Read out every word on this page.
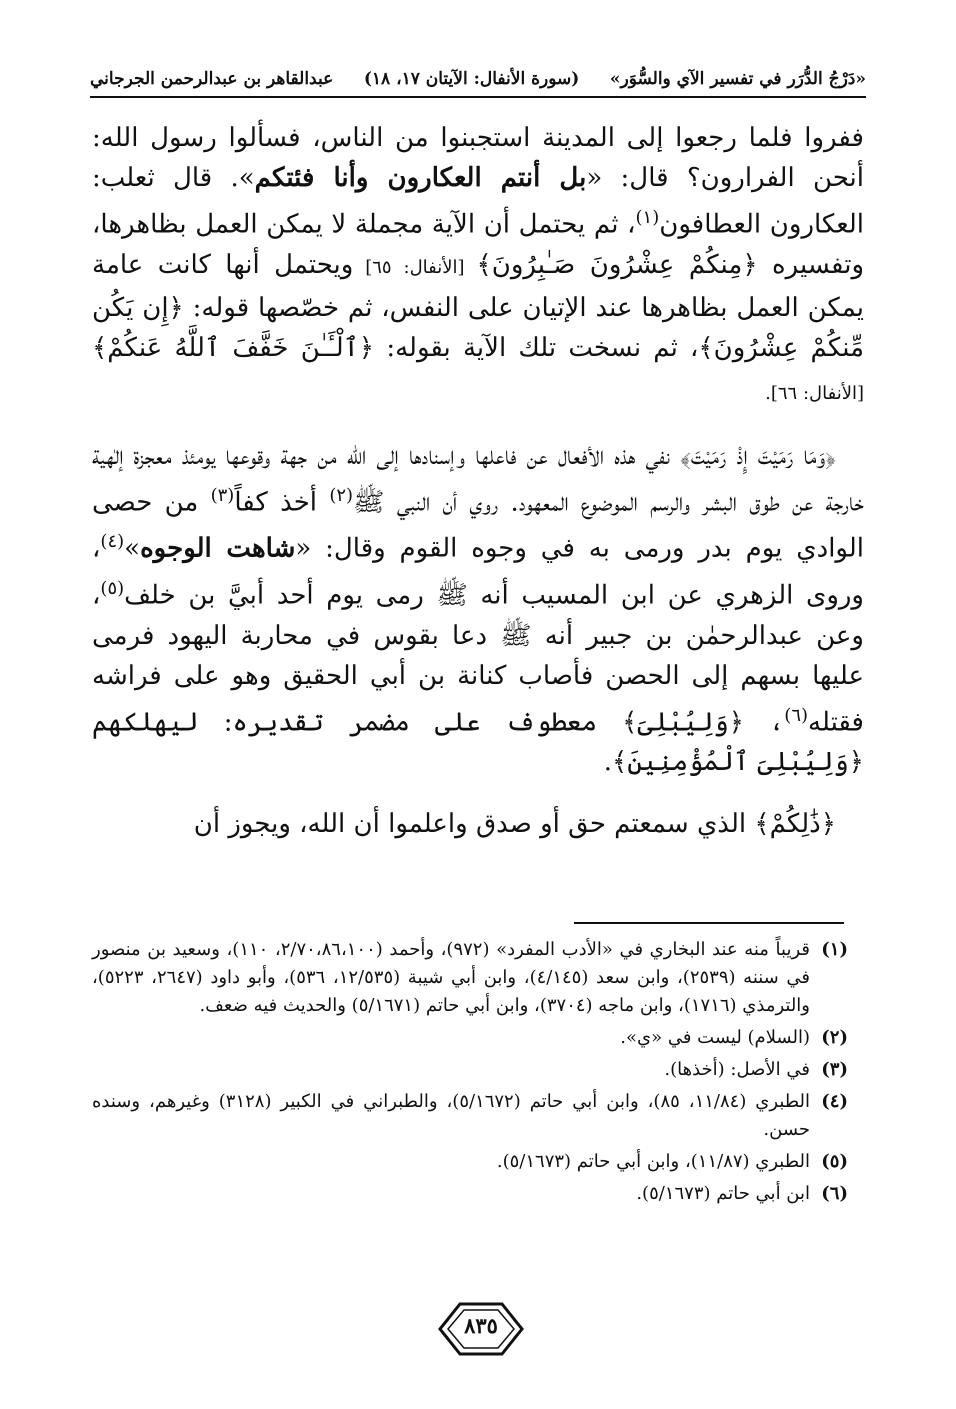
«دَرْجُ الدُّرَر في تفسير الآي والسُّوَر»
(سورة الأنفال: الآيتان ١٧، ١٨)
عبدالقاهر بن عبدالرحمن الجرجاني

ففروا فلما رجعوا إلى المدينة استجبنوا من الناس، فسألوا رسول الله: أنحن الفرارون؟ قال: «بل أنتم العكارون وأنا فئتكم». قال ثعلب: العكارون العطافون$^{(١)}$، ثم يحتمل أن الآية مجملة لا يمكن العمل بظاهرها، وتفسيره ﴿مِنكُمْ عِشْرُونَ صَـٰبِرُونَ﴾ [الأنفال: ٦٥] ويحتمل أنها كانت عامة يمكن العمل بظاهرها عند الإتيان على النفس، ثم خصّصها قوله: ﴿إِن يَكُن مِّنكُمْ عِشْرُونَ﴾، ثم نسخت تلك الآية بقوله: ﴿ٱلْـَٔـٰنَ خَفَّفَ ٱللَّهُ عَنكُمْ﴾ [الأنفال: ٦٦].

﴿وَمَا رَمَيْتَ إِذْ رَمَيْتَ﴾ نفي هذه الأفعال عن فاعلها وإسنادها إلى الله من جهة وقوعها يومئذ معجزة إلٰهية خارجة عن طوق البشر والرسم الموضوع المعهود. روي أن النبي ﷺ$^{(٢)}$ أخذ كفاً$^{(٣)}$ من حصى الوادي يوم بدر ورمى به في وجوه القوم وقال: «شاهت الوجوه»$^{(٤)}$، وروى الزهري عن ابن المسيب أنه ﷺ رمى يوم أحد أبيَّ بن خلف$^{(٥)}$، وعن عبدالرحمٰن بن جبير أنه ﷺ دعا بقوس في محاربة اليهود فرمى عليها بسهم إلى الحصن فأصاب كنانة بن أبي الحقيق وهو على فراشه فقتله$^{(٦)}$، ﴿وَلِيُبْلِىَ﴾ معطوف على مضمر تقديره: ليهلكهم ﴿وَلِيُبْلِىَ ٱلْمُؤْمِنِينَ﴾.

﴿ذَٰلِكُمْ﴾ الذي سمعتم حق أو صدق واعلموا أن الله، ويجوز أن

(١)
قريباً منه عند البخاري في «الأدب المفرد» (٩٧٢)، وأحمد (٢/٧٠،٨٦،١٠٠، ١١٠)، وسعيد بن منصور في سننه (٢٥٣٩)، وابن سعد (٤/١٤٥)، وابن أبي شيبة (١٢/٥٣٥، ٥٣٦)، وأبو داود (٢٦٤٧، ٥٢٢٣)، والترمذي (١٧١٦)، وابن ماجه (٣٧٠٤)، وابن أبي حاتم (٥/١٦٧١) والحديث فيه ضعف.
(٢)
(السلام) ليست في «ي».
(٣)
في الأصل: (أخذها).
(٤)
الطبري (١١/٨٤، ٨٥)، وابن أبي حاتم (٥/١٦٧٢)، والطبراني في الكبير (٣١٢٨) وغيرهم، وسنده حسن.
(٥)
الطبري (١١/٨٧)، وابن أبي حاتم (٥/١٦٧٣).
(٦)
ابن أبي حاتم (٥/١٦٧٣).
٨٣٥
